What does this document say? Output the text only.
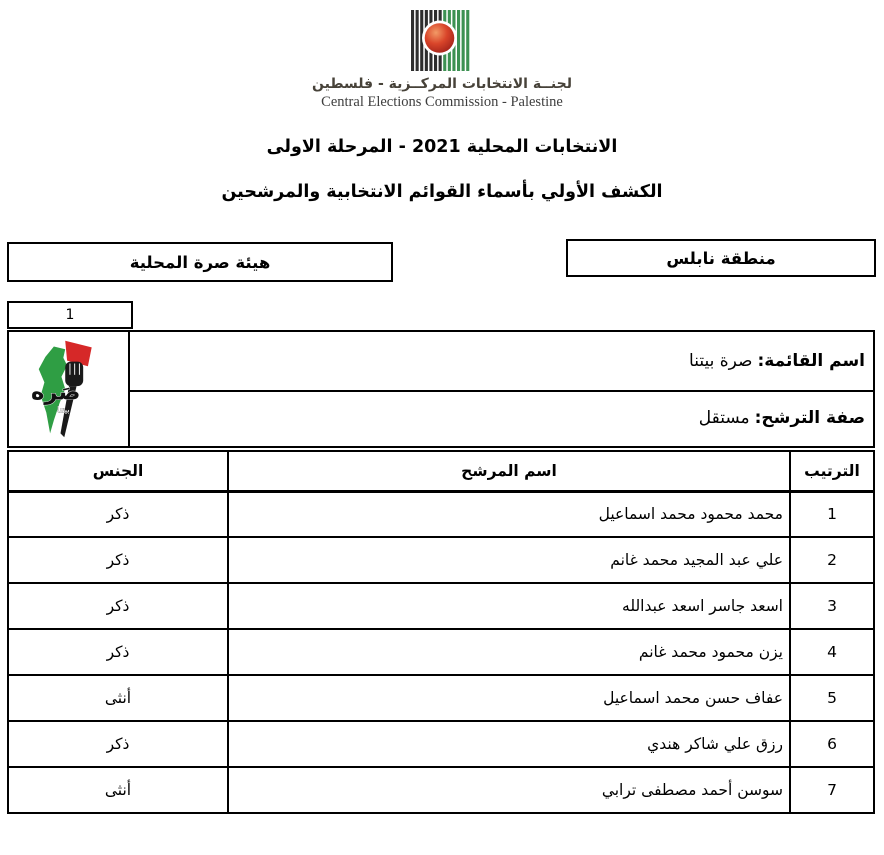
لجنــة الانتخابات المركــزية - فلسطين
Central Elections Commission - Palestine
الانتخابات المحلية 2021 - المرحلة الاولى
الكشف الأولي بأسماء القوائم الانتخابية والمرشحين
منطقة نابلس
هيئة صرة المحلية
1
صَره
بيتنا
اسم القائمة:
صرة بيتنا
صفة الترشح:
مستقل
الترتيب	اسم المرشح	الجنس
1	محمد محمود محمد اسماعيل	ذكر
2	علي عبد المجيد محمد غانم	ذكر
3	اسعد جاسر اسعد عبدالله	ذكر
4	يزن محمود محمد غانم	ذكر
5	عفاف حسن محمد اسماعيل	أنثى
6	رزق علي شاكر هندي	ذكر
7	سوسن أحمد مصطفى ترابي	أنثى
